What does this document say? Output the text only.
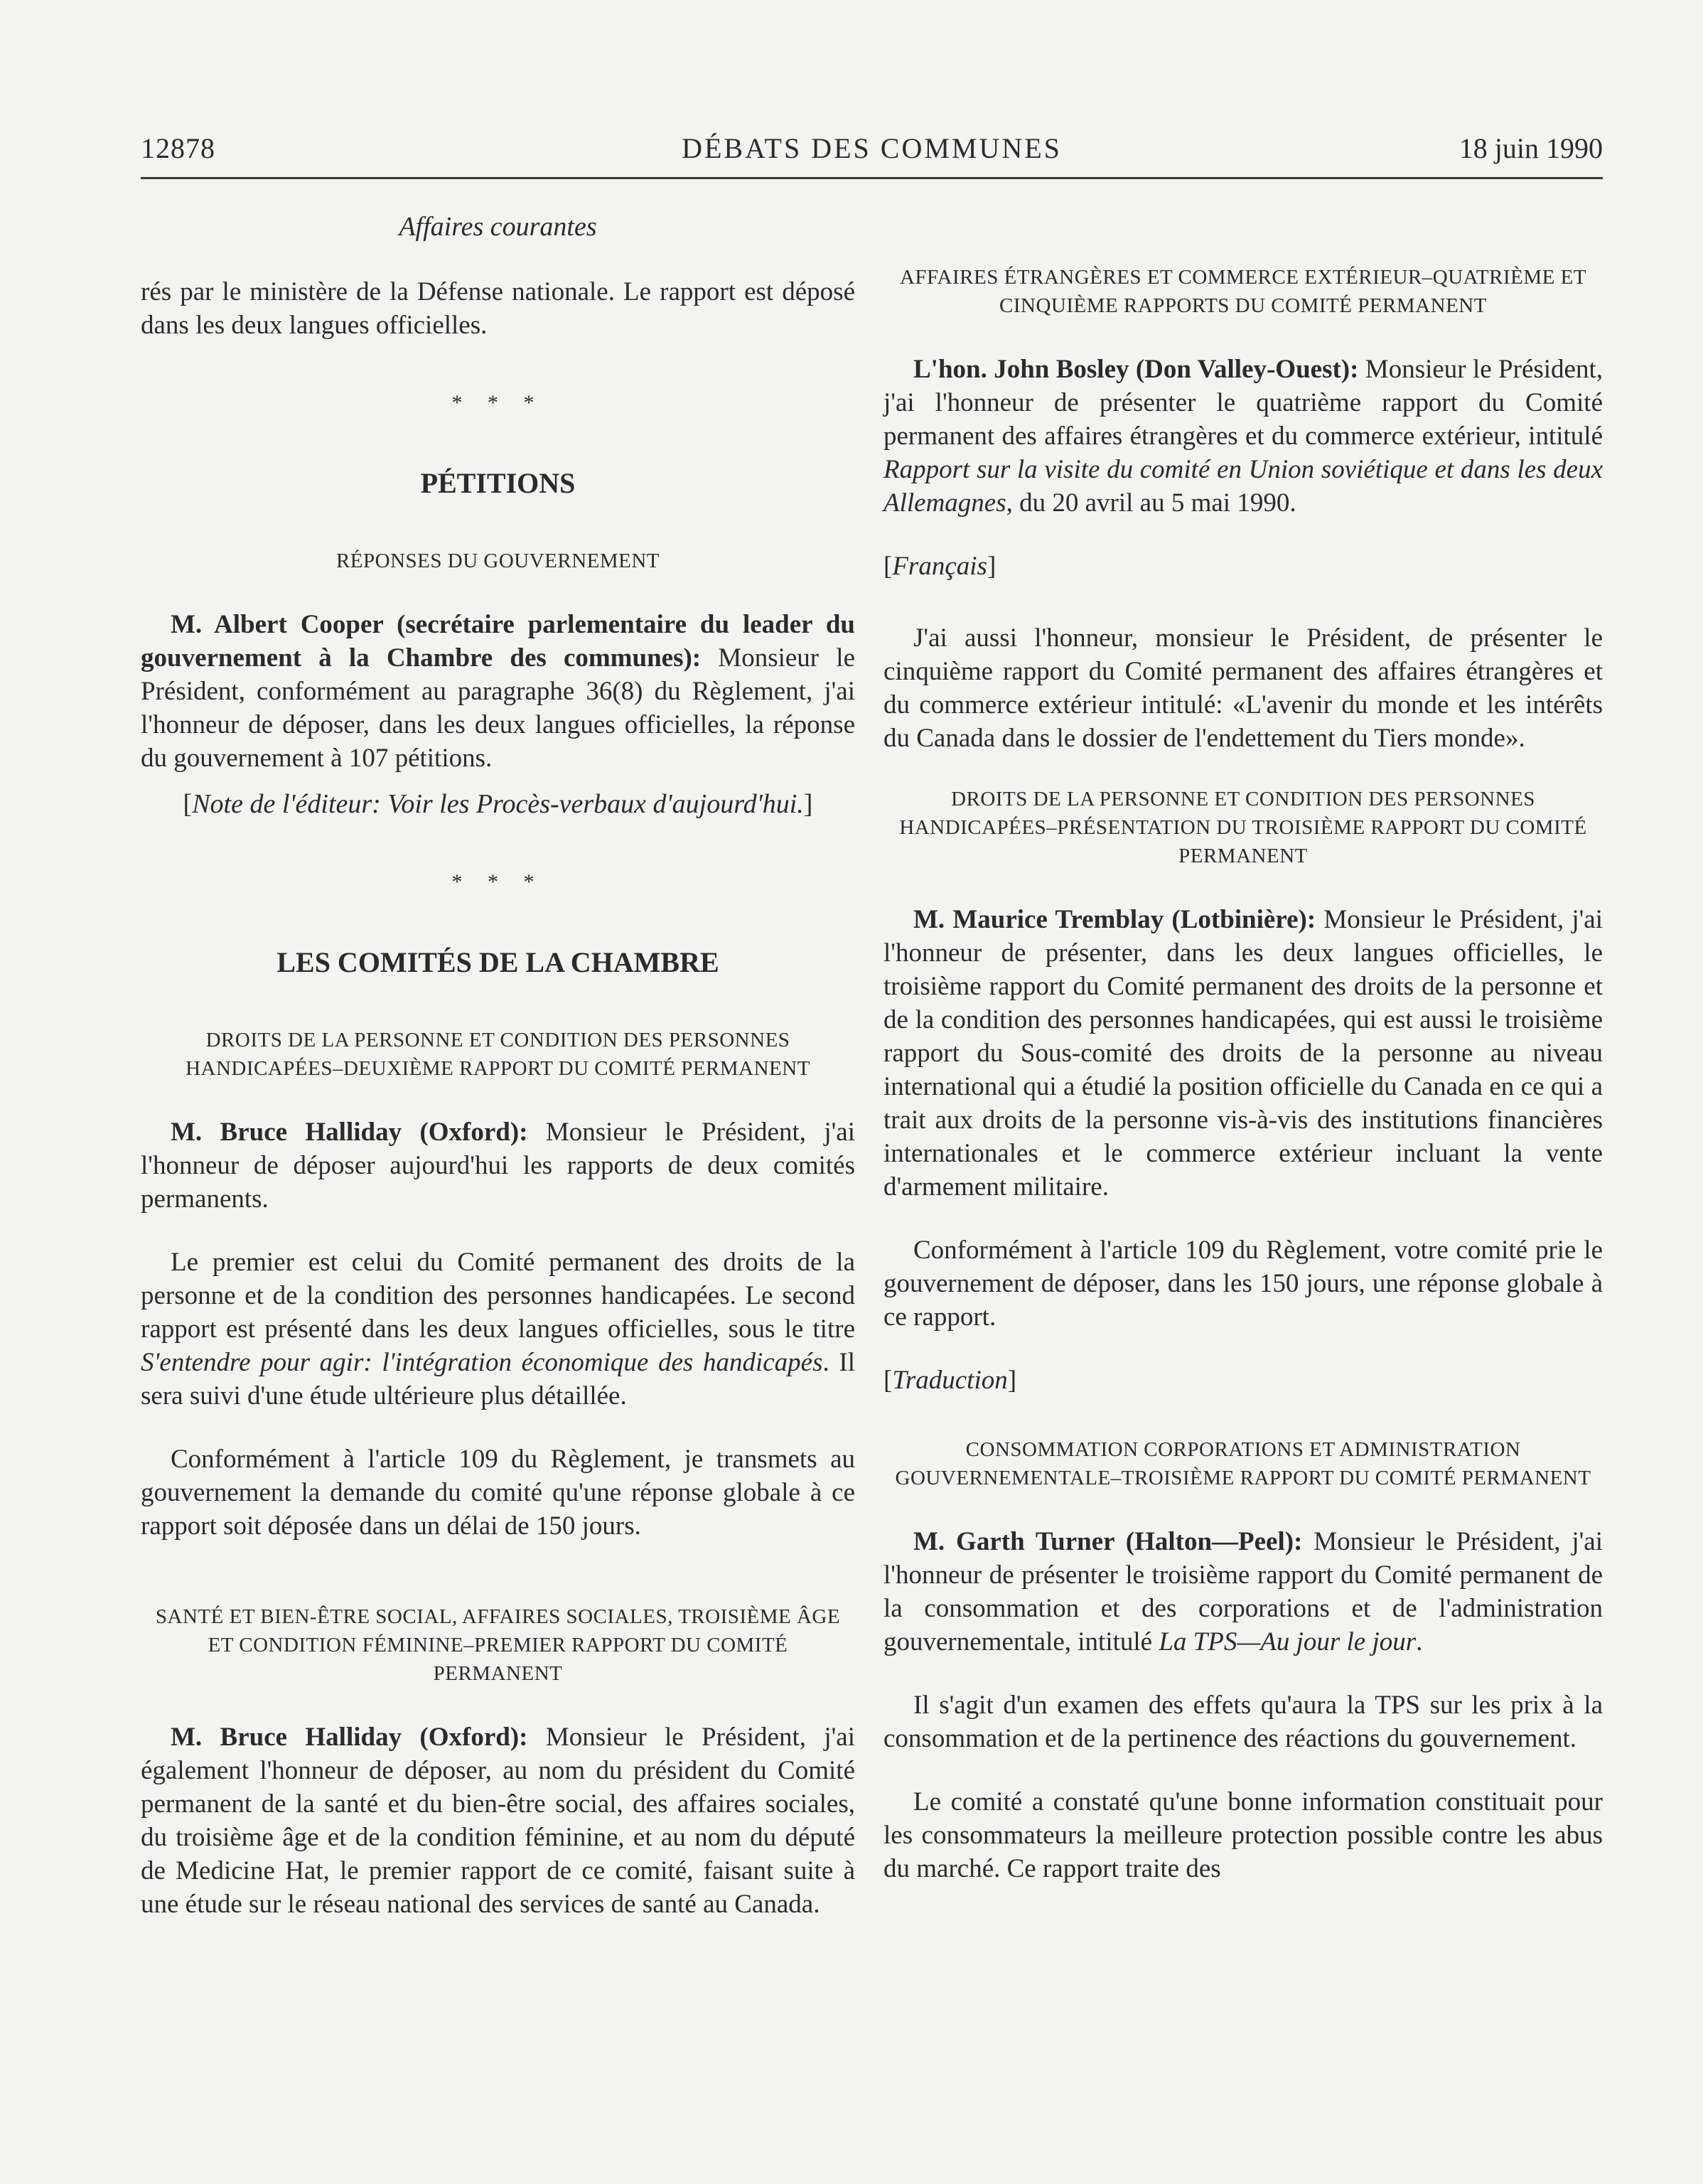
12878	DÉBATS DES COMMUNES	18 juin 1990
Affaires courantes

rés par le ministère de la Défense nationale. Le rapport est déposé dans les deux langues officielles.

* * *
PÉTITIONS
RÉPONSES DU GOUVERNEMENT

M. Albert Cooper (secrétaire parlementaire du leader du gouvernement à la Chambre des communes): Monsieur le Président, conformément au paragraphe 36(8) du Règlement, j'ai l'honneur de déposer, dans les deux langues officielles, la réponse du gouvernement à 107 pétitions.

[Note de l'éditeur: Voir les Procès-verbaux d'aujourd'hui.]
* * *
LES COMITÉS DE LA CHAMBRE
DROITS DE LA PERSONNE ET CONDITION DES PERSONNES HANDICAPÉES–DEUXIÈME RAPPORT DU COMITÉ PERMANENT

M. Bruce Halliday (Oxford): Monsieur le Président, j'ai l'honneur de déposer aujourd'hui les rapports de deux comités permanents.

Le premier est celui du Comité permanent des droits de la personne et de la condition des personnes handicapées. Le second rapport est présenté dans les deux langues officielles, sous le titre S'entendre pour agir: l'intégration économique des handicapés. Il sera suivi d'une étude ultérieure plus détaillée.

Conformément à l'article 109 du Règlement, je transmets au gouvernement la demande du comité qu'une réponse globale à ce rapport soit déposée dans un délai de 150 jours.

SANTÉ ET BIEN-ÊTRE SOCIAL, AFFAIRES SOCIALES, TROISIÈME ÂGE ET CONDITION FÉMININE–PREMIER RAPPORT DU COMITÉ PERMANENT

M. Bruce Halliday (Oxford): Monsieur le Président, j'ai également l'honneur de déposer, au nom du président du Comité permanent de la santé et du bien-être social, des affaires sociales, du troisième âge et de la condition féminine, et au nom du député de Medicine Hat, le premier rapport de ce comité, faisant suite à une étude sur le réseau national des services de santé au Canada.

AFFAIRES ÉTRANGÈRES ET COMMERCE EXTÉRIEUR–QUATRIÈME ET CINQUIÈME RAPPORTS DU COMITÉ PERMANENT

L'hon. John Bosley (Don Valley-Ouest): Monsieur le Président, j'ai l'honneur de présenter le quatrième rapport du Comité permanent des affaires étrangères et du commerce extérieur, intitulé Rapport sur la visite du comité en Union soviétique et dans les deux Allemagnes, du 20 avril au 5 mai 1990.

[Français]

J'ai aussi l'honneur, monsieur le Président, de présenter le cinquième rapport du Comité permanent des affaires étrangères et du commerce extérieur intitulé: «L'avenir du monde et les intérêts du Canada dans le dossier de l'endettement du Tiers monde».

DROITS DE LA PERSONNE ET CONDITION DES PERSONNES HANDICAPÉES–PRÉSENTATION DU TROISIÈME RAPPORT DU COMITÉ PERMANENT

M. Maurice Tremblay (Lotbinière): Monsieur le Président, j'ai l'honneur de présenter, dans les deux langues officielles, le troisième rapport du Comité permanent des droits de la personne et de la condition des personnes handicapées, qui est aussi le troisième rapport du Sous-comité des droits de la personne au niveau international qui a étudié la position officielle du Canada en ce qui a trait aux droits de la personne vis-à-vis des institutions financières internationales et le commerce extérieur incluant la vente d'armement militaire.

Conformément à l'article 109 du Règlement, votre comité prie le gouvernement de déposer, dans les 150 jours, une réponse globale à ce rapport.

[Traduction]

CONSOMMATION CORPORATIONS ET ADMINISTRATION GOUVERNEMENTALE–TROISIÈME RAPPORT DU COMITÉ PERMANENT

M. Garth Turner (Halton—Peel): Monsieur le Président, j'ai l'honneur de présenter le troisième rapport du Comité permanent de la consommation et des corporations et de l'administration gouvernementale, intitulé La TPS—Au jour le jour.

Il s'agit d'un examen des effets qu'aura la TPS sur les prix à la consommation et de la pertinence des réactions du gouvernement.

Le comité a constaté qu'une bonne information constituait pour les consommateurs la meilleure protection possible contre les abus du marché. Ce rapport traite des
